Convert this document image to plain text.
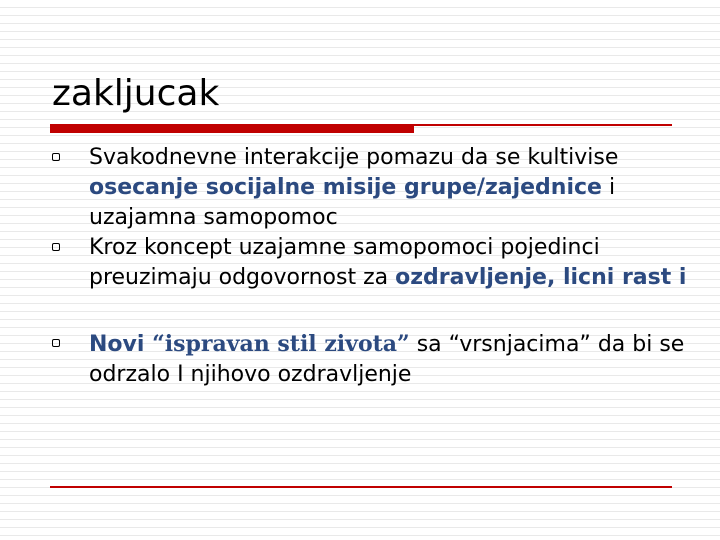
zakljucak
Svakodnevne interakcije pomazu da se kultivise osecanje socijalne misije grupe/zajednice i uzajamna samopomoc
Kroz koncept uzajamne samopomoci pojedinci preuzimaju odgovornost za ozdravljenje, licni rast i
Novi “ispravan stil zivota” sa “vrsnjacima” da bi se odrzalo I njihovo ozdravljenje
